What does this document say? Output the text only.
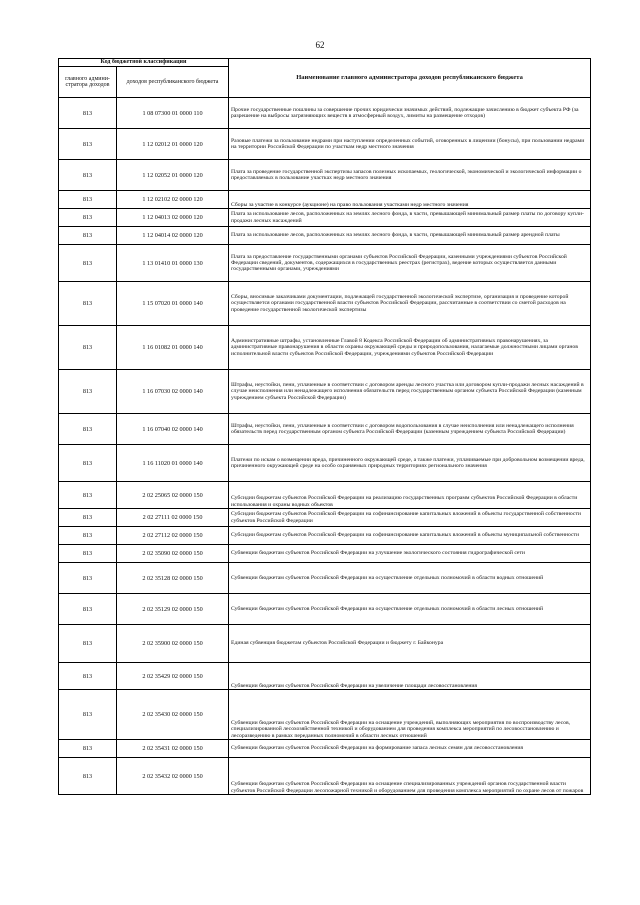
62
Код бюджетной классификации		Наименование главного администратора доходов республиканского бюджета
главного админи-стратора доходов	доходов республиканского бюджета	
813	1 08 07300 01 0000 110	Прочие государственные пошлины за совершение прочих юридически значимых действий, подлежащие зачислению в бюджет субъекта РФ (за разрешение на выбросы загрязняющих веществ в атмосферный воздух, лимиты на размещение отходов)
813	1 12 02012 01 0000 120	Разовые платежи за пользование недрами при наступлении определенных событий, оговоренных в лицензии (бонусы), при пользовании недрами на территории Российской Федерации по участкам недр местного значения
813	1 12 02052 01 0000 120	Плата за проведение государственной экспертизы запасов полезных ископаемых, геологической, экономической и экологической информации о предоставляемых в пользование участках недр местного значения
813	1 12 02102 02 0000 120	Сборы за участие в конкурсе (аукционе) на право пользования участками недр местного значения
813	1 12 04013 02 0000 120	Плата за использование лесов, расположенных на землях лесного фонда, в части, превышающей минимальный размер платы по договору купли-продажи лесных насаждений
813	1 12 04014 02 0000 120	Плата за использование лесов, расположенных на землях лесного фонда, в части, превышающей минимальный размер арендной платы
813	1 13 01410 01 0000 130	Плата за предоставление государственными органами субъектов Российской Федерации, казенными учреждениями субъектов Российской Федерации сведений, документов, содержащихся в государственных реестрах (регистрах), ведение которых осуществляется данными государственными органами, учреждениями
813	1 15 07020 01 0000 140	Сборы, вносимые заказчиками документации, подлежащей государственной экологической экспертизе, организация и проведение которой осуществляется органами государственной власти субъектов Российской Федерации, рассчитанные в соответствии со сметой расходов на проведение государственной экологической экспертизы
813	1 16 01082 01 0000 140	Административные штрафы, установленные Главой 8 Кодекса Российской Федерации об административных правонарушениях, за административные правонарушения в области охраны окружающей среды и природопользования, налагаемые должностными лицами органов исполнительной власти субъектов Российской Федерации, учреждениями субъектов Российской Федерации
813	1 16 07030 02 0000 140	Штрафы, неустойки, пени, уплаченные в соответствии с договором аренды лесного участка или договором купли-продажи лесных насаждений в случае неисполнения или ненадлежащего исполнения обязательств перед государственным органом субъекта Российской Федерации (казенным учреждением субъекта Российской Федерации)
813	1 16 07040 02 0000 140	Штрафы, неустойки, пени, уплаченные в соответствии с договором водопользования в случае неисполнения или ненадлежащего исполнения обязательств перед государственным органом субъекта Российской Федерации (казенным учреждением субъекта Российской Федерации)
813	1 16 11020 01 0000 140	Платежи по искам о возмещении вреда, причиненного окружающей среде, а также платежи, уплачиваемые при добровольном возмещении вреда, причиненного окружающей среде на особо охраняемых природных территориях регионального значения
813	2 02 25065 02 0000 150	Субсидии бюджетам субъектов Российской Федерации на реализацию государственных программ субъектов Российской Федерации в области использования и охраны водных объектов
813	2 02 27111 02 0000 150	Субсидии бюджетам субъектов Российской Федерации на софинансирование капитальных вложений в объекты государственной собственности субъектов Российской Федерации
813	2 02 27112 02 0000 150	Субсидии бюджетам субъектов Российской Федерации на софинансирование капитальных вложений в объекты муниципальной собственности
813	2 02 35090 02 0000 150	Субвенции бюджетам субъектов Российской Федерации на улучшение экологического состояния гидрографической сети
813	2 02 35128 02 0000 150	Субвенции бюджетам субъектов Российской Федерации на осуществление отдельных полномочий в области водных отношений
813	2 02 35129 02 0000 150	Субвенции бюджетам субъектов Российской Федерации на осуществление отдельных полномочий в области лесных отношений
813	2 02 35900 02 0000 150	Единая субвенция бюджетам субъектов Российской Федерации и бюджету г. Байконура
813	2 02 35429 02 0000 150	Субвенции бюджетам субъектов Российской Федерации на увеличение площади лесовосстановления
813	2 02 35430 02 0000 150	Субвенции бюджетам субъектов Российской Федерации на оснащение учреждений, выполняющих мероприятия по воспроизводству лесов, специализированной лесохозяйственной техникой и оборудованием для проведения комплекса мероприятий по лесовосстановлению и лесоразведению в рамках переданных полномочий в области лесных отношений
813	2 02 35431 02 0000 150	Субвенции бюджетам субъектов Российской Федерации на формирование запаса лесных семян для лесовосстановления
813	2 02 35432 02 0000 150	Субвенции бюджетам субъектов Российской Федерации на оснащение специализированных учреждений органов государственной власти субъектов Российской Федерации лесопожарной техникой и оборудованием для проведения комплекса мероприятий по охране лесов от пожаров
